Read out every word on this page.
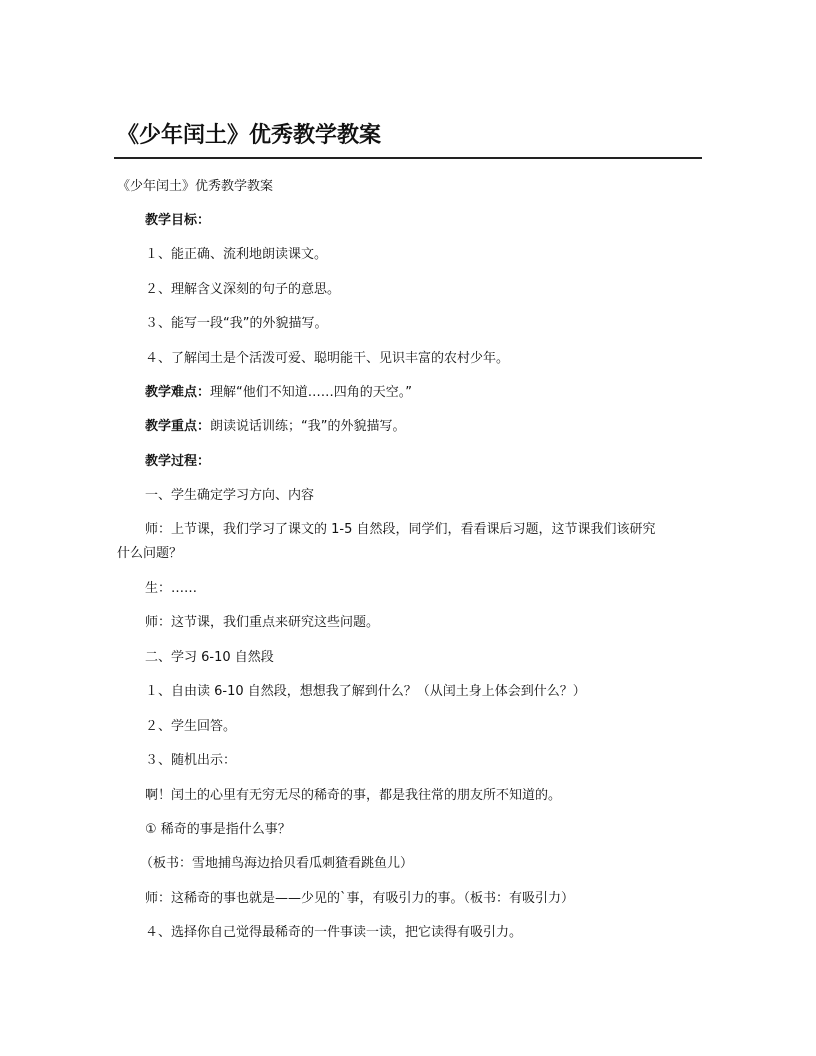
《少年闰土》优秀教学教案
《少年闰土》优秀教学教案
教学目标：
１、能正确、流利地朗读课文。
２、理解含义深刻的句子的意思。
３、能写一段“我”的外貌描写。
４、了解闰土是个活泼可爱、聪明能干、见识丰富的农村少年。
教学难点：理解“他们不知道……四角的天空。”
教学重点：朗读说话训练；“我”的外貌描写。
教学过程：
一、学生确定学习方向、内容
师：上节课，我们学习了课文的 1-5 自然段，同学们，看看课后习题，这节课我们该研究
什么问题？
生：……
师：这节课，我们重点来研究这些问题。
二、学习 6-10 自然段
１、自由读 6-10 自然段，想想我了解到什么？（从闰土身上体会到什么？）
２、学生回答。
３、随机出示：
啊！闰土的心里有无穷无尽的稀奇的事，都是我往常的朋友所不知道的。
① 稀奇的事是指什么事？
（板书：雪地捕鸟海边拾贝看瓜刺猹看跳鱼儿）
师：这稀奇的事也就是——少见的`事，有吸引力的事。（板书：有吸引力）
４、选择你自己觉得最稀奇的一件事读一读，把它读得有吸引力。
